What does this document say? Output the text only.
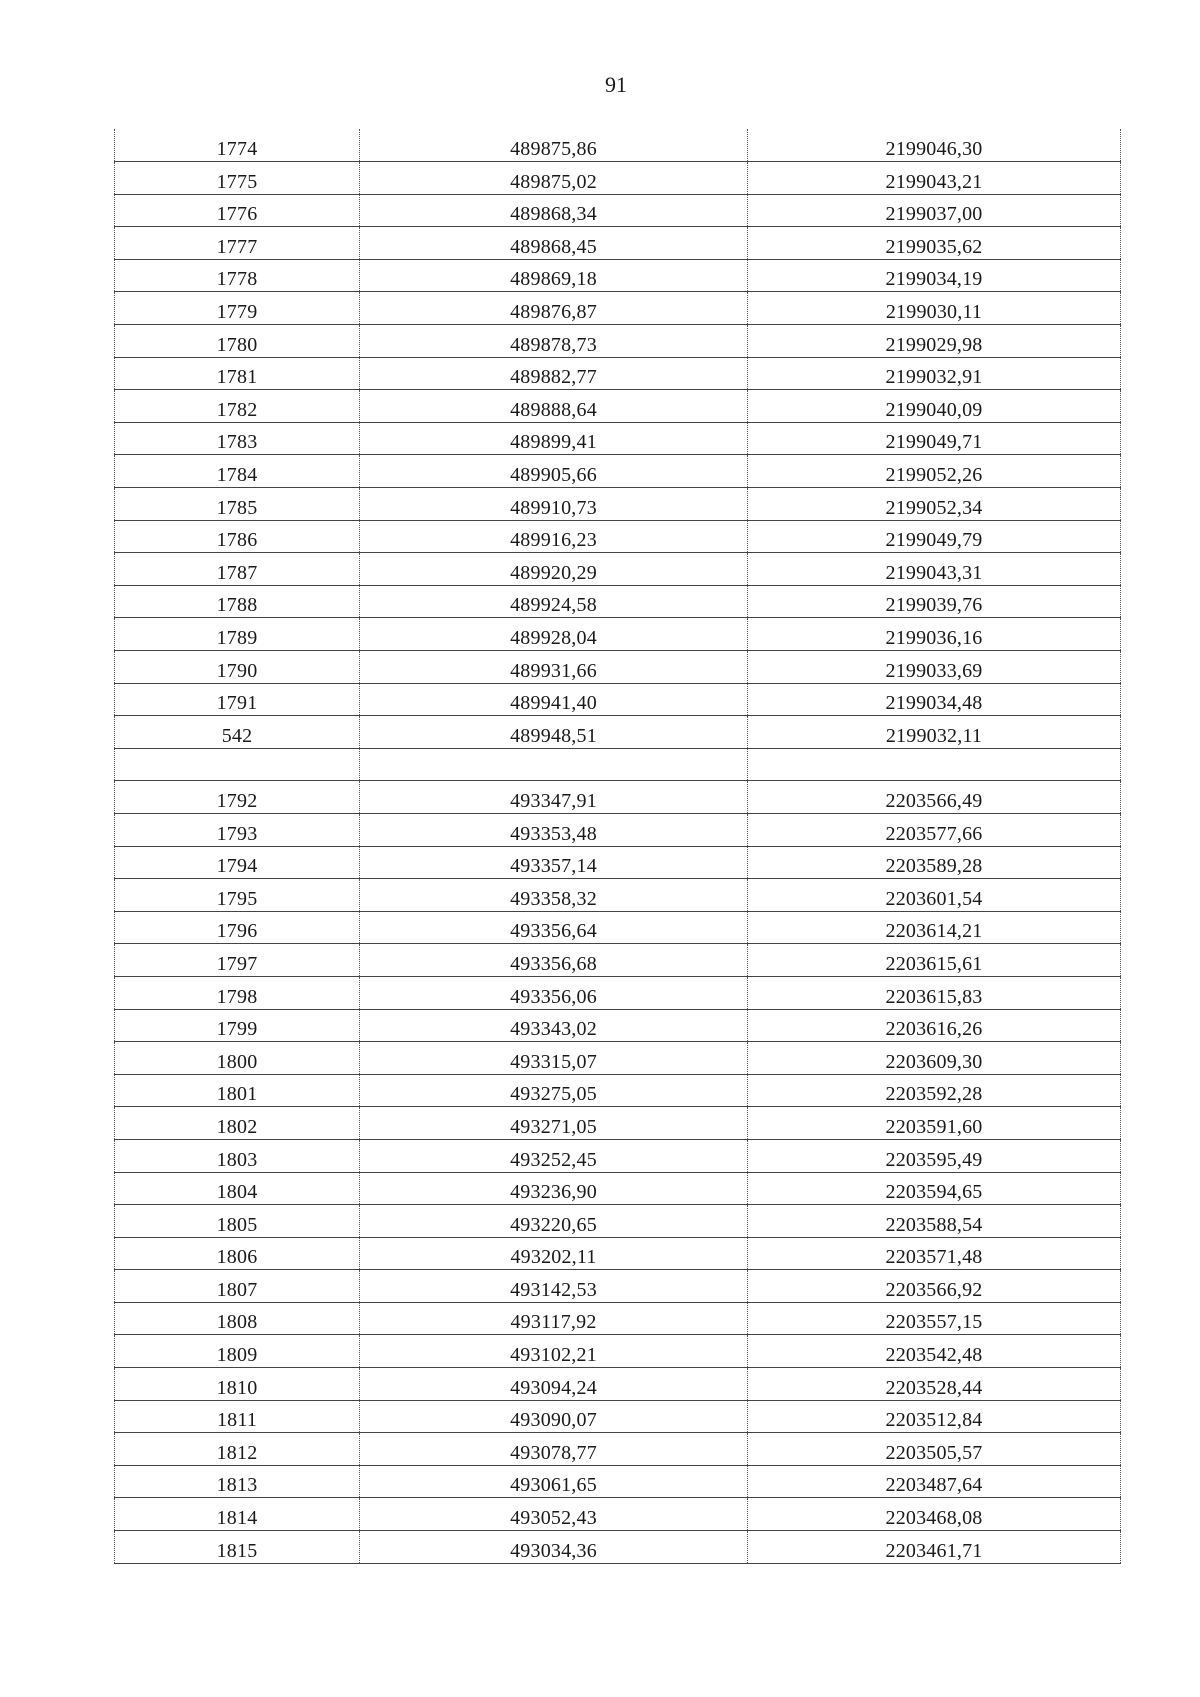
91
1774	489875,86	2199046,30
1775	489875,02	2199043,21
1776	489868,34	2199037,00
1777	489868,45	2199035,62
1778	489869,18	2199034,19
1779	489876,87	2199030,11
1780	489878,73	2199029,98
1781	489882,77	2199032,91
1782	489888,64	2199040,09
1783	489899,41	2199049,71
1784	489905,66	2199052,26
1785	489910,73	2199052,34
1786	489916,23	2199049,79
1787	489920,29	2199043,31
1788	489924,58	2199039,76
1789	489928,04	2199036,16
1790	489931,66	2199033,69
1791	489941,40	2199034,48
542	489948,51	2199032,11

1792	493347,91	2203566,49
1793	493353,48	2203577,66
1794	493357,14	2203589,28
1795	493358,32	2203601,54
1796	493356,64	2203614,21
1797	493356,68	2203615,61
1798	493356,06	2203615,83
1799	493343,02	2203616,26
1800	493315,07	2203609,30
1801	493275,05	2203592,28
1802	493271,05	2203591,60
1803	493252,45	2203595,49
1804	493236,90	2203594,65
1805	493220,65	2203588,54
1806	493202,11	2203571,48
1807	493142,53	2203566,92
1808	493117,92	2203557,15
1809	493102,21	2203542,48
1810	493094,24	2203528,44
1811	493090,07	2203512,84
1812	493078,77	2203505,57
1813	493061,65	2203487,64
1814	493052,43	2203468,08
1815	493034,36	2203461,71
